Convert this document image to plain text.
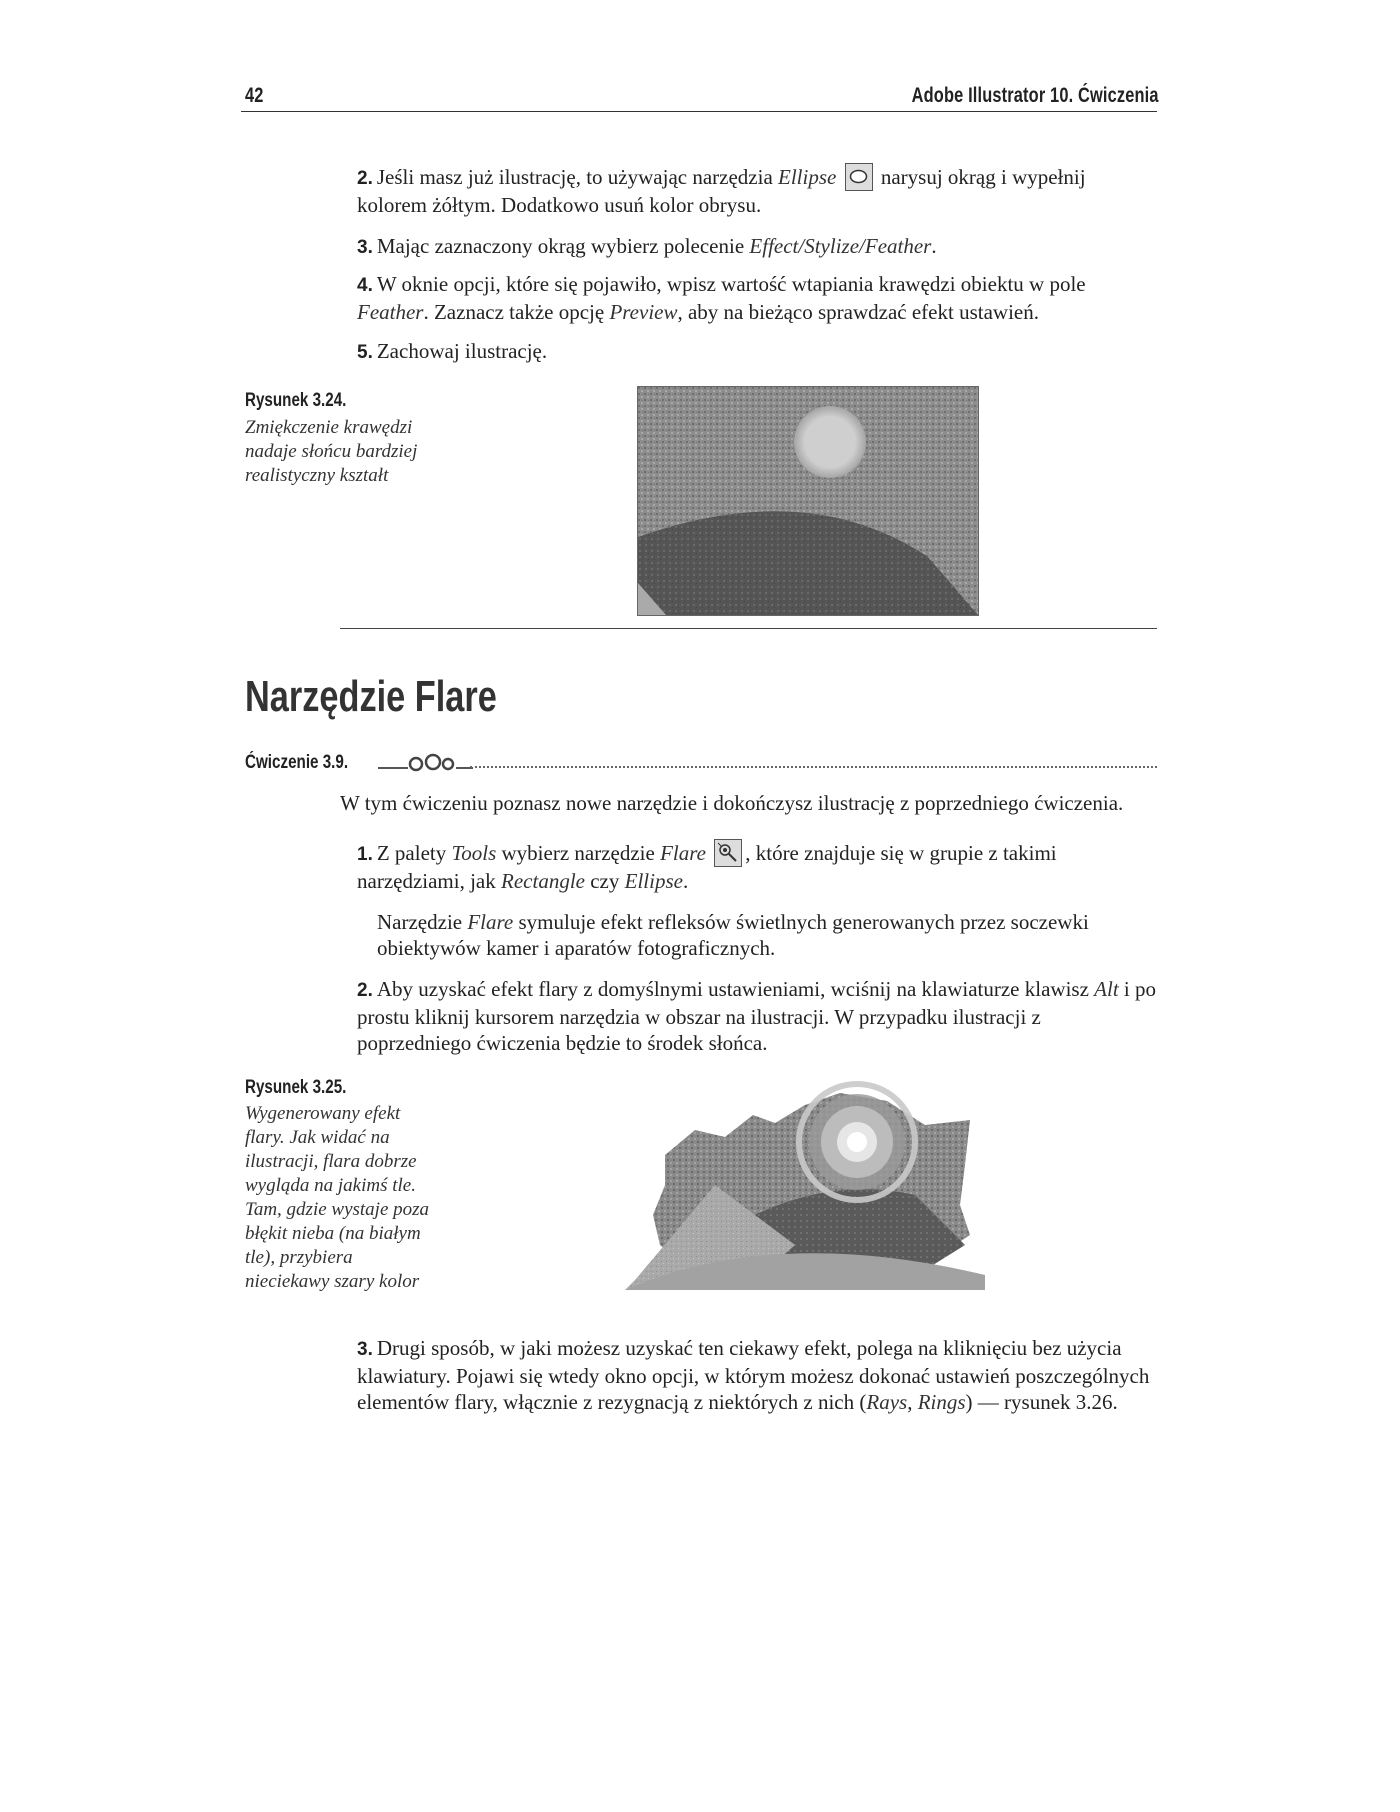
42	Adobe Illustrator 10. Ćwiczenia
2. Jeśli masz już ilustrację, to używając narzędzia Ellipse
narysuj okrąg i wypełnij kolorem żółtym. Dodatkowo usuń kolor obrysu.
3. Mając zaznaczony okrąg wybierz polecenie Effect/Stylize/Feather.
4. W oknie opcji, które się pojawiło, wpisz wartość wtapiania krawędzi obiektu w pole Feather. Zaznacz także opcję Preview, aby na bieżąco sprawdzać efekt ustawień.
5. Zachowaj ilustrację.
Rysunek 3.24.
Zmiękczenie krawędzi nadaje słońcu bardziej realistyczny kształt
Narzędzie Flare
Ćwiczenie 3.9.
W tym ćwiczeniu poznasz nowe narzędzie i dokończysz ilustrację z poprzedniego ćwiczenia.
1. Z palety Tools wybierz narzędzie Flare , które znajduje się w grupie z takimi narzędziami, jak Rectangle czy Ellipse.
Narzędzie Flare symuluje efekt refleksów świetlnych generowanych przez soczewki obiektywów kamer i aparatów fotograficznych.
2. Aby uzyskać efekt flary z domyślnymi ustawieniami, wciśnij na klawiaturze klawisz Alt i po prostu kliknij kursorem narzędzia w obszar na ilustracji. W przypadku ilustracji z poprzedniego ćwiczenia będzie to środek słońca.
Rysunek 3.25.
Wygenerowany efekt flary. Jak widać na ilustracji, flara dobrze wygląda na jakimś tle. Tam, gdzie wystaje poza błękit nieba (na białym tle), przybiera nieciekawy szary kolor
3. Drugi sposób, w jaki możesz uzyskać ten ciekawy efekt, polega na kliknięciu bez użycia klawiatury. Pojawi się wtedy okno opcji, w którym możesz dokonać ustawień poszczególnych elementów flary, włącznie z rezygnacją z niektórych z nich (Rays, Rings) — rysunek 3.26.
